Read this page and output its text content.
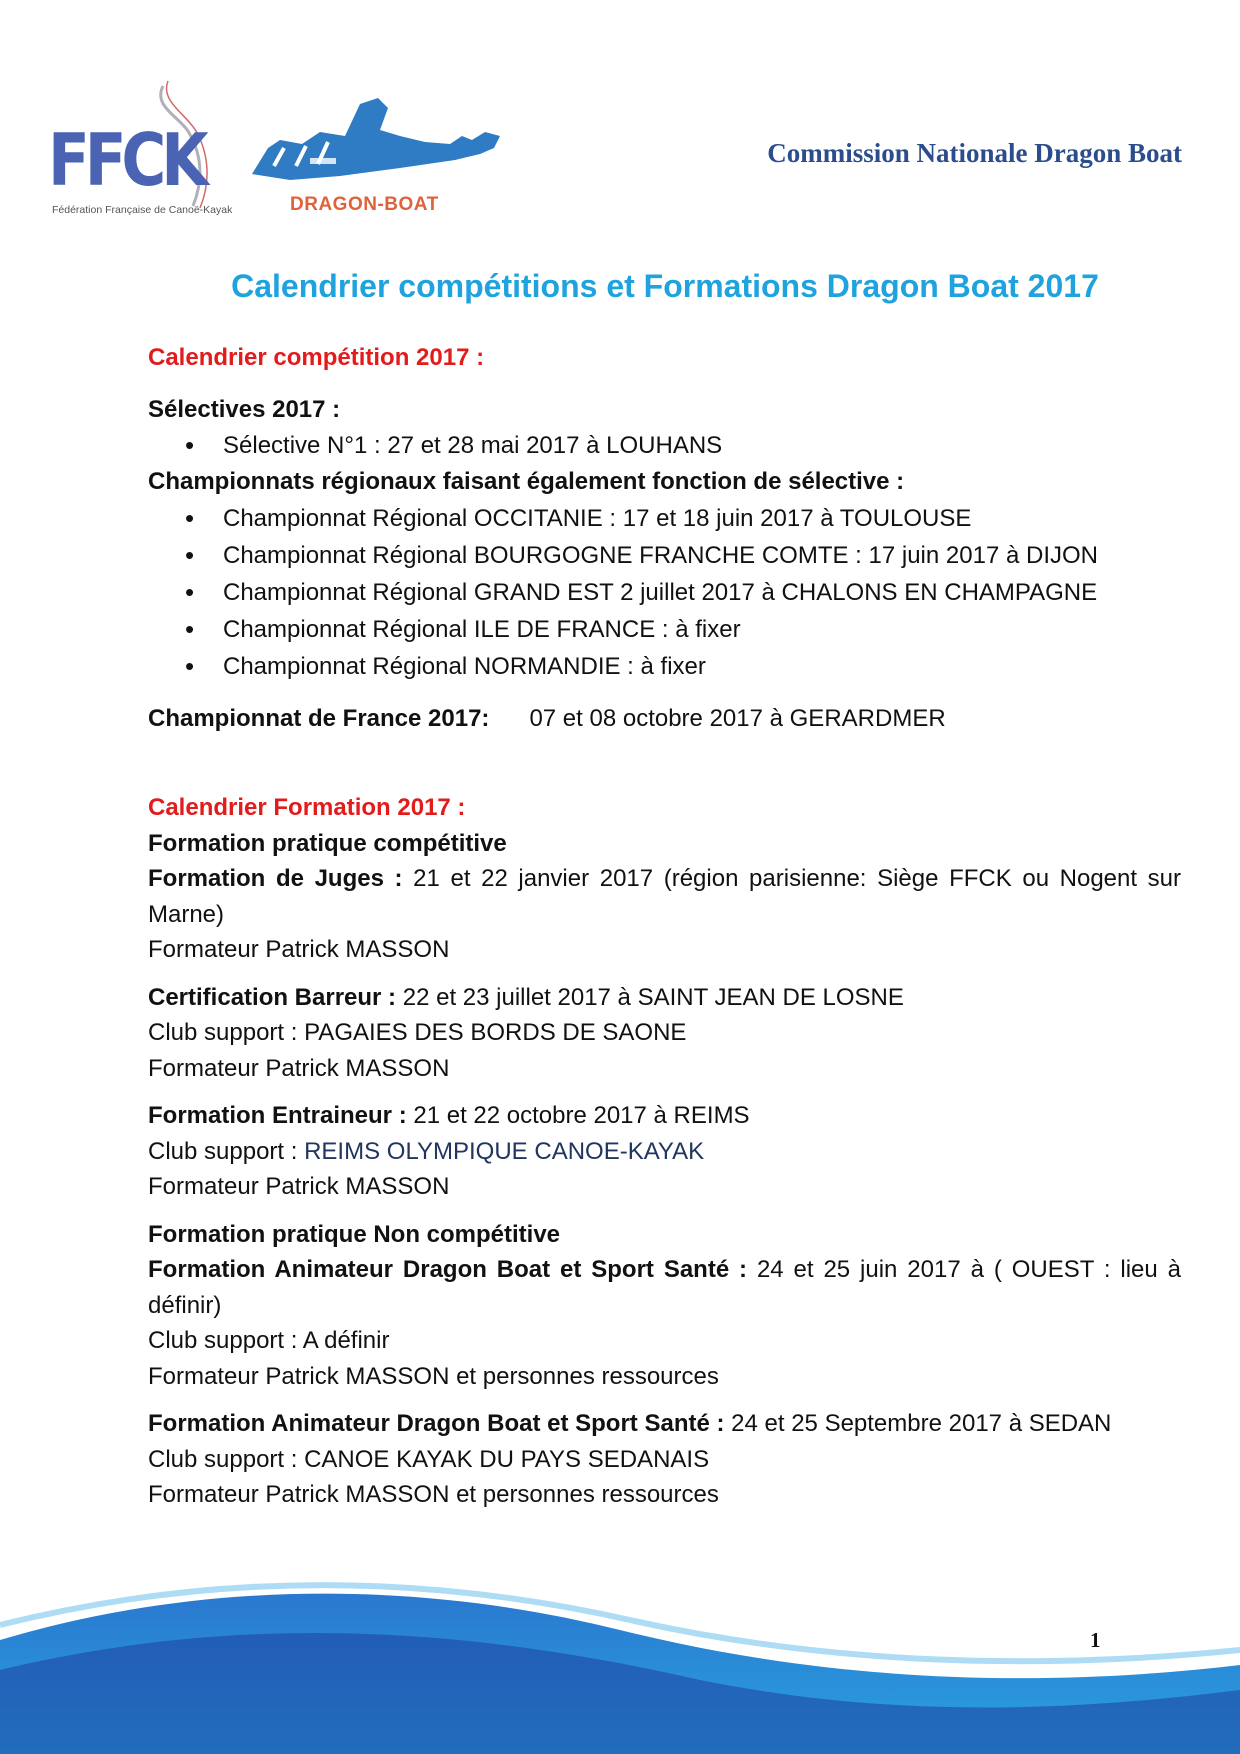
FFCK
Fédération Française de Canoë-Kayak	DRAGON-BOAT
Commission Nationale Dragon Boat
Calendrier compétitions et Formations Dragon Boat 2017

Calendrier compétition 2017 :

Sélectives 2017 :

• Sélective N°1 : 27 et 28 mai 2017 à LOUHANS

Championnats régionaux faisant également fonction de sélective :

• Championnat Régional OCCITANIE : 17 et 18 juin 2017 à TOULOUSE
• Championnat Régional BOURGOGNE FRANCHE COMTE : 17 juin 2017 à DIJON
• Championnat Régional GRAND EST 2 juillet 2017 à CHALONS EN CHAMPAGNE
• Championnat Régional ILE DE FRANCE : à fixer
• Championnat Régional NORMANDIE : à fixer

Championnat de France 2017: 07 et 08 octobre 2017 à GERARDMER

Calendrier Formation 2017 :

Formation pratique compétitive

Formation de Juges : 21 et 22 janvier 2017 (région parisienne: Siège FFCK ou Nogent sur Marne)

Formateur Patrick MASSON

Certification Barreur : 22 et 23 juillet 2017 à SAINT JEAN DE LOSNE

Club support : PAGAIES DES BORDS DE SAONE

Formateur Patrick MASSON

Formation Entraineur : 21 et 22 octobre 2017 à REIMS

Club support : REIMS OLYMPIQUE CANOE-KAYAK

Formateur Patrick MASSON

Formation pratique Non compétitive

Formation Animateur Dragon Boat et Sport Santé : 24 et 25 juin 2017 à ( OUEST : lieu à définir)

Club support : A définir

Formateur Patrick MASSON et personnes ressources

Formation Animateur Dragon Boat et Sport Santé : 24 et 25 Septembre 2017 à SEDAN

Club support : CANOE KAYAK DU PAYS SEDANAIS

Formateur Patrick MASSON et personnes ressources

1
